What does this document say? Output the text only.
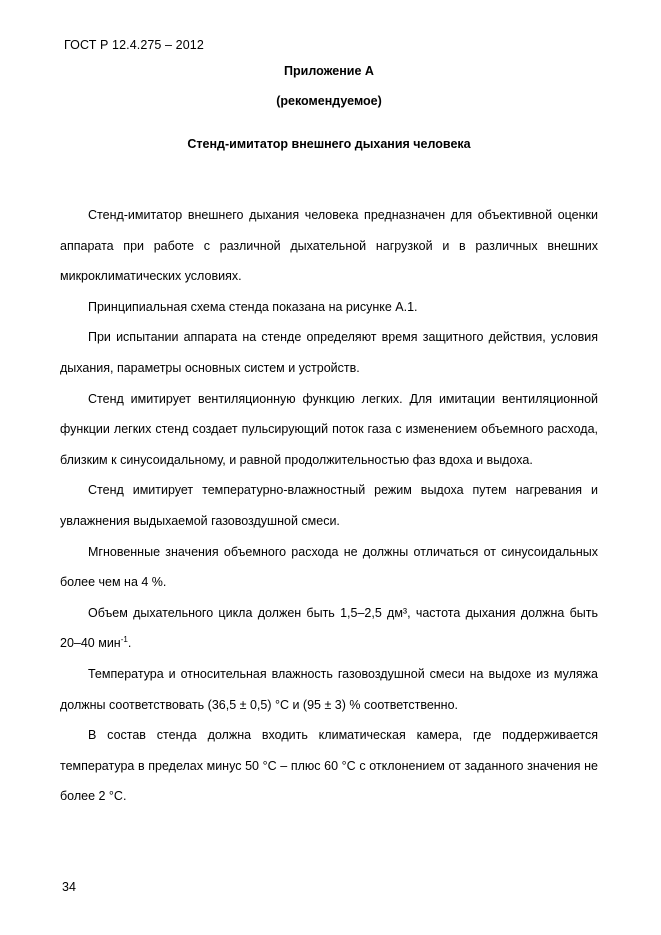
ГОСТ Р 12.4.275 – 2012
Приложение А
(рекомендуемое)
Стенд-имитатор внешнего дыхания человека

Стенд-имитатор внешнего дыхания человека предназначен для объективной оценки аппарата при работе с различной дыхательной нагрузкой и в различных внешних микроклиматических условиях.

Принципиальная схема стенда показана на рисунке А.1.

При испытании аппарата на стенде определяют время защитного действия, условия дыхания, параметры основных систем и устройств.

Стенд имитирует вентиляционную функцию легких. Для имитации вентиляционной функции легких стенд создает пульсирующий поток газа с изменением объемного расхода, близким к синусоидальному, и равной продолжительностью фаз вдоха и выдоха.

Стенд имитирует температурно-влажностный режим выдоха путем нагревания и увлажнения выдыхаемой газовоздушной смеси.

Мгновенные значения объемного расхода не должны отличаться от синусоидальных более чем на 4 %.

Объем дыхательного цикла должен быть 1,5–2,5 дм³, частота дыхания должна быть 20–40 мин$^{-1}$.

Температура и относительная влажность газовоздушной смеси на выдохе из муляжа должны соответствовать (36,5 ± 0,5) °С и (95 ± 3) % соответственно.

В состав стенда должна входить климатическая камера, где поддерживается температура в пределах минус 50 °С – плюс 60 °С с отклонением от заданного значения не более 2 °С.

34
